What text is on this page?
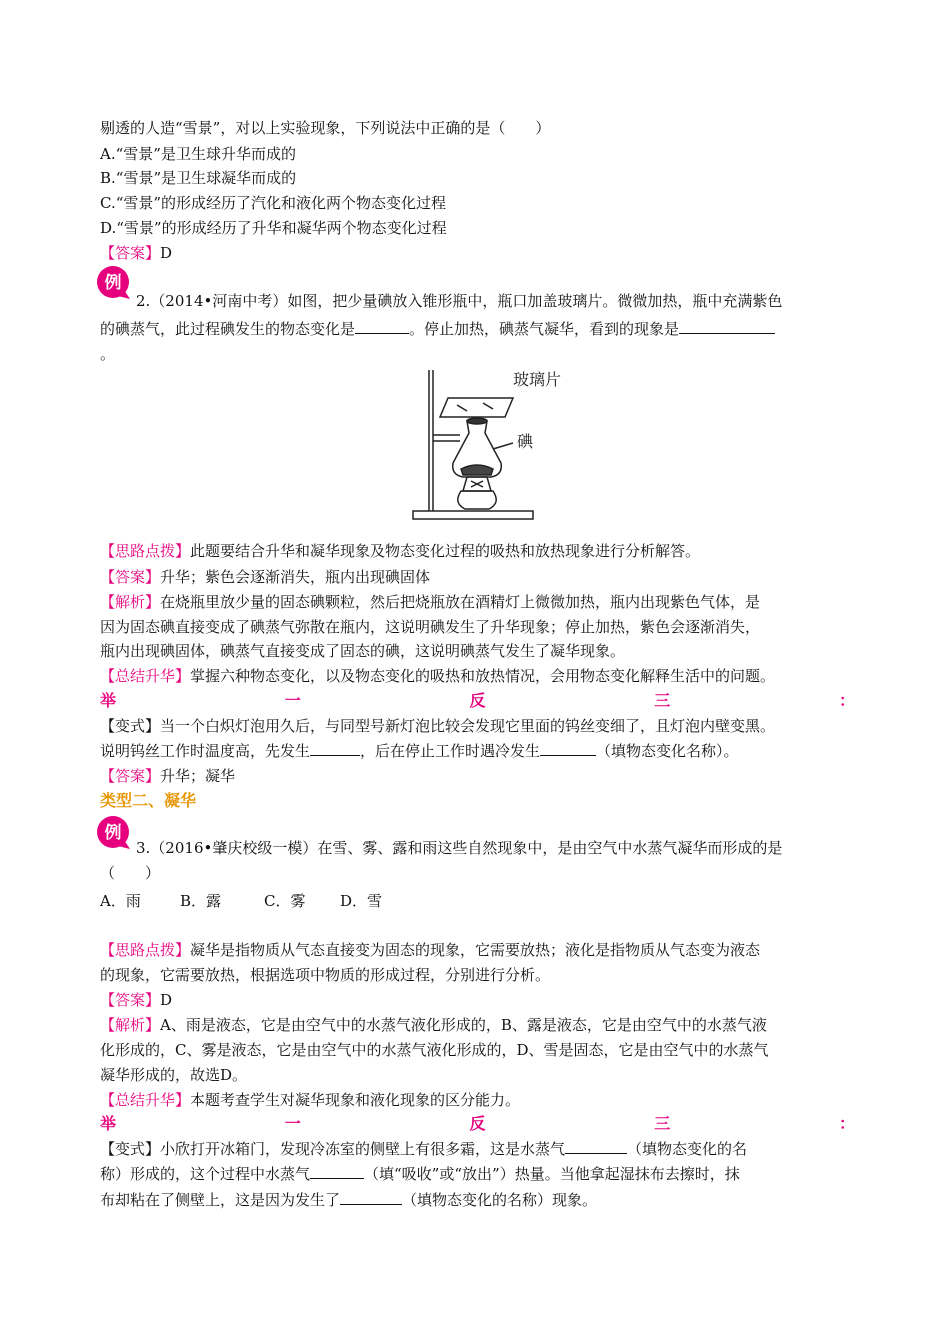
剔透的人造“雪景”，对以上实验现象，下列说法中正确的是（　　）
A.“雪景”是卫生球升华而成的
B.“雪景”是卫生球凝华而成的
C.“雪景”的形成经历了汽化和液化两个物态变化过程
D.“雪景”的形成经历了升华和凝华两个物态变化过程
【答案】D
例
2.（2014•河南中考）如图，把少量碘放入锥形瓶中，瓶口加盖玻璃片。微微加热，瓶中充满紫色
的碘蒸气，此过程碘发生的物态变化是	。停止加热，碘蒸气凝华，看到的现象是
。
玻璃片
碘
【思路点拨】此题要结合升华和凝华现象及物态变化过程的吸热和放热现象进行分析解答。
【答案】升华；紫色会逐渐消失，瓶内出现碘固体
【解析】在烧瓶里放少量的固态碘颗粒，然后把烧瓶放在酒精灯上微微加热，瓶内出现紫色气体，是
因为固态碘直接变成了碘蒸气弥散在瓶内，这说明碘发生了升华现象；停止加热，紫色会逐渐消失，
瓶内出现碘固体，碘蒸气直接变成了固态的碘，这说明碘蒸气发生了凝华现象。
【总结升华】掌握六种物态变化，以及物态变化的吸热和放热情况，会用物态变化解释生活中的问题。
举	一	反	三	：
【变式】当一个白炽灯泡用久后，与同型号新灯泡比较会发现它里面的钨丝变细了，且灯泡内壁变黑。
说明钨丝工作时温度高，先发生	，后在停止工作时遇冷发生	（填物态变化名称）。
【答案】升华；凝华
类型二、凝华
例
3.（2016•肇庆校级一模）在雪、雾、露和雨这些自然现象中，是由空气中水蒸气凝华而形成的是
（　　）
A．雨	B．露	C．雾 D．雪
【思路点拨】凝华是指物质从气态直接变为固态的现象，它需要放热；液化是指物质从气态变为液态
的现象，它需要放热，根据选项中物质的形成过程，分别进行分析。
【答案】D
【解析】A、雨是液态，它是由空气中的水蒸气液化形成的，B、露是液态，它是由空气中的水蒸气液
化形成的，C、雾是液态，它是由空气中的水蒸气液化形成的，D、雪是固态，它是由空气中的水蒸气
凝华形成的，故选D。
【总结升华】本题考查学生对凝华现象和液化现象的区分能力。
举	一	反	三	：
【变式】小欣打开冰箱门，发现冷冻室的侧壁上有很多霜，这是水蒸气	（填物态变化的名
称）形成的，这个过程中水蒸气	（填“吸收”或“放出”）热量。当他拿起湿抹布去擦时，抹
布却粘在了侧壁上，这是因为发生了	（填物态变化的名称）现象。
